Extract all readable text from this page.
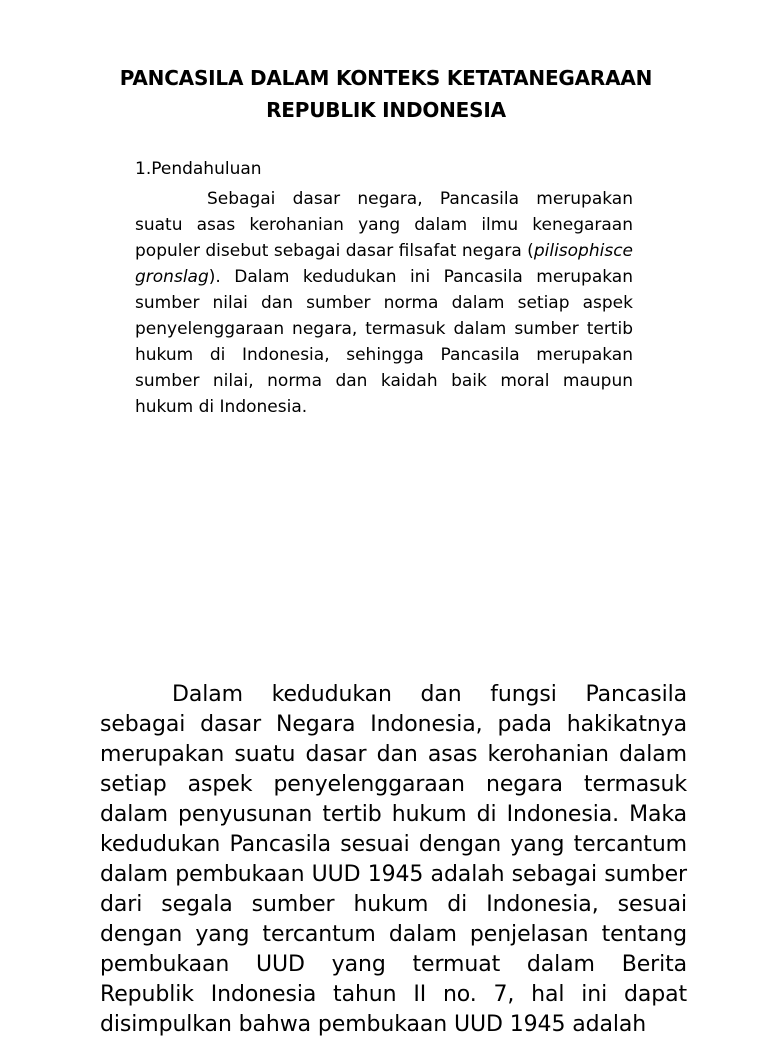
PANCASILA DALAM KONTEKS KETATANEGARAAN
REPUBLIK INDONESIA
1.Pendahuluan

Sebagai dasar negara, Pancasila merupakan suatu asas kerohanian yang dalam ilmu kenegaraan populer disebut sebagai dasar filsafat negara (pilisophisce gronslag). Dalam kedudukan ini Pancasila merupakan sumber nilai dan sumber norma dalam setiap aspek penyelenggaraan negara, termasuk dalam sumber tertib hukum di Indonesia, sehingga Pancasila merupakan sumber nilai, norma dan kaidah baik moral maupun hukum di Indonesia.

Dalam kedudukan dan fungsi Pancasila sebagai dasar Negara Indonesia, pada hakikatnya merupakan suatu dasar dan asas kerohanian dalam setiap aspek penyelenggaraan negara termasuk dalam penyusunan tertib hukum di Indonesia. Maka kedudukan Pancasila sesuai dengan yang tercantum dalam pembukaan UUD 1945 adalah sebagai sumber dari segala sumber hukum di Indonesia, sesuai dengan yang tercantum dalam penjelasan tentang pembukaan UUD yang termuat dalam Berita Republik Indonesia tahun II no. 7, hal ini dapat disimpulkan bahwa pembukaan UUD 1945 adalah
